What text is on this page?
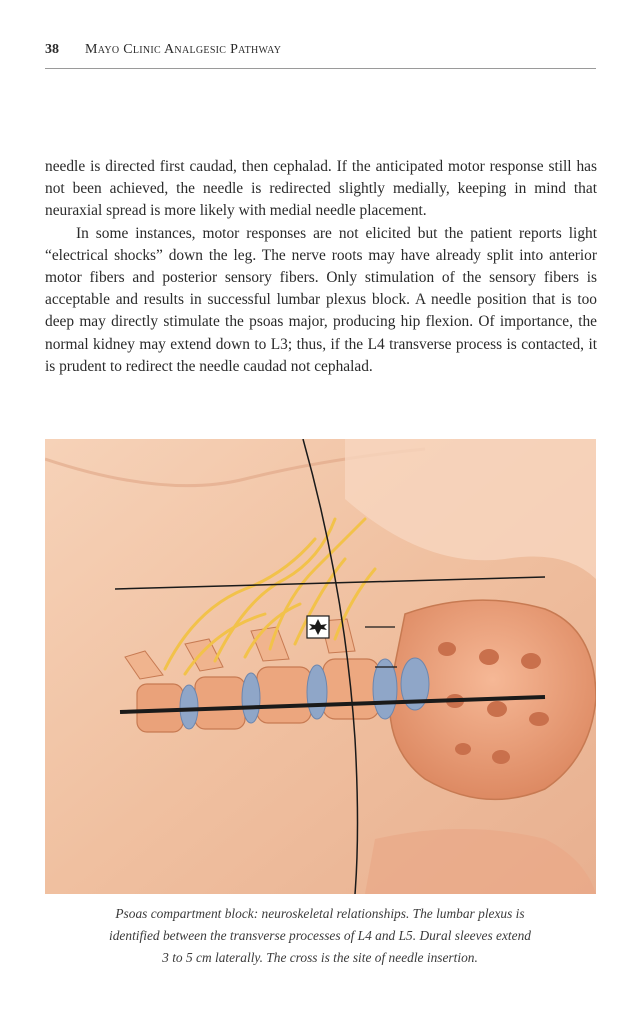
38 Mayo Clinic Analgesic Pathway

needle is directed first caudad, then cephalad. If the anticipated motor response still has not been achieved, the needle is redirected slightly medially, keeping in mind that neuraxial spread is more likely with medial needle placement.

In some instances, motor responses are not elicited but the patient reports light “electrical shocks” down the leg. The nerve roots may have already split into anterior motor fibers and posterior sensory fibers. Only stimulation of the sensory fibers is acceptable and results in successful lumbar plexus block. A needle position that is too deep may directly stimulate the psoas major, producing hip flexion. Of importance, the normal kidney may extend down to L3; thus, if the L4 transverse process is contacted, it is prudent to redirect the needle caudad not cephalad.

Psoas compartment block: neuroskeletal relationships. The lumbar plexus is
identified between the transverse processes of L4 and L5. Dural sleeves extend
3 to 5 cm laterally. The cross is the site of needle insertion.
